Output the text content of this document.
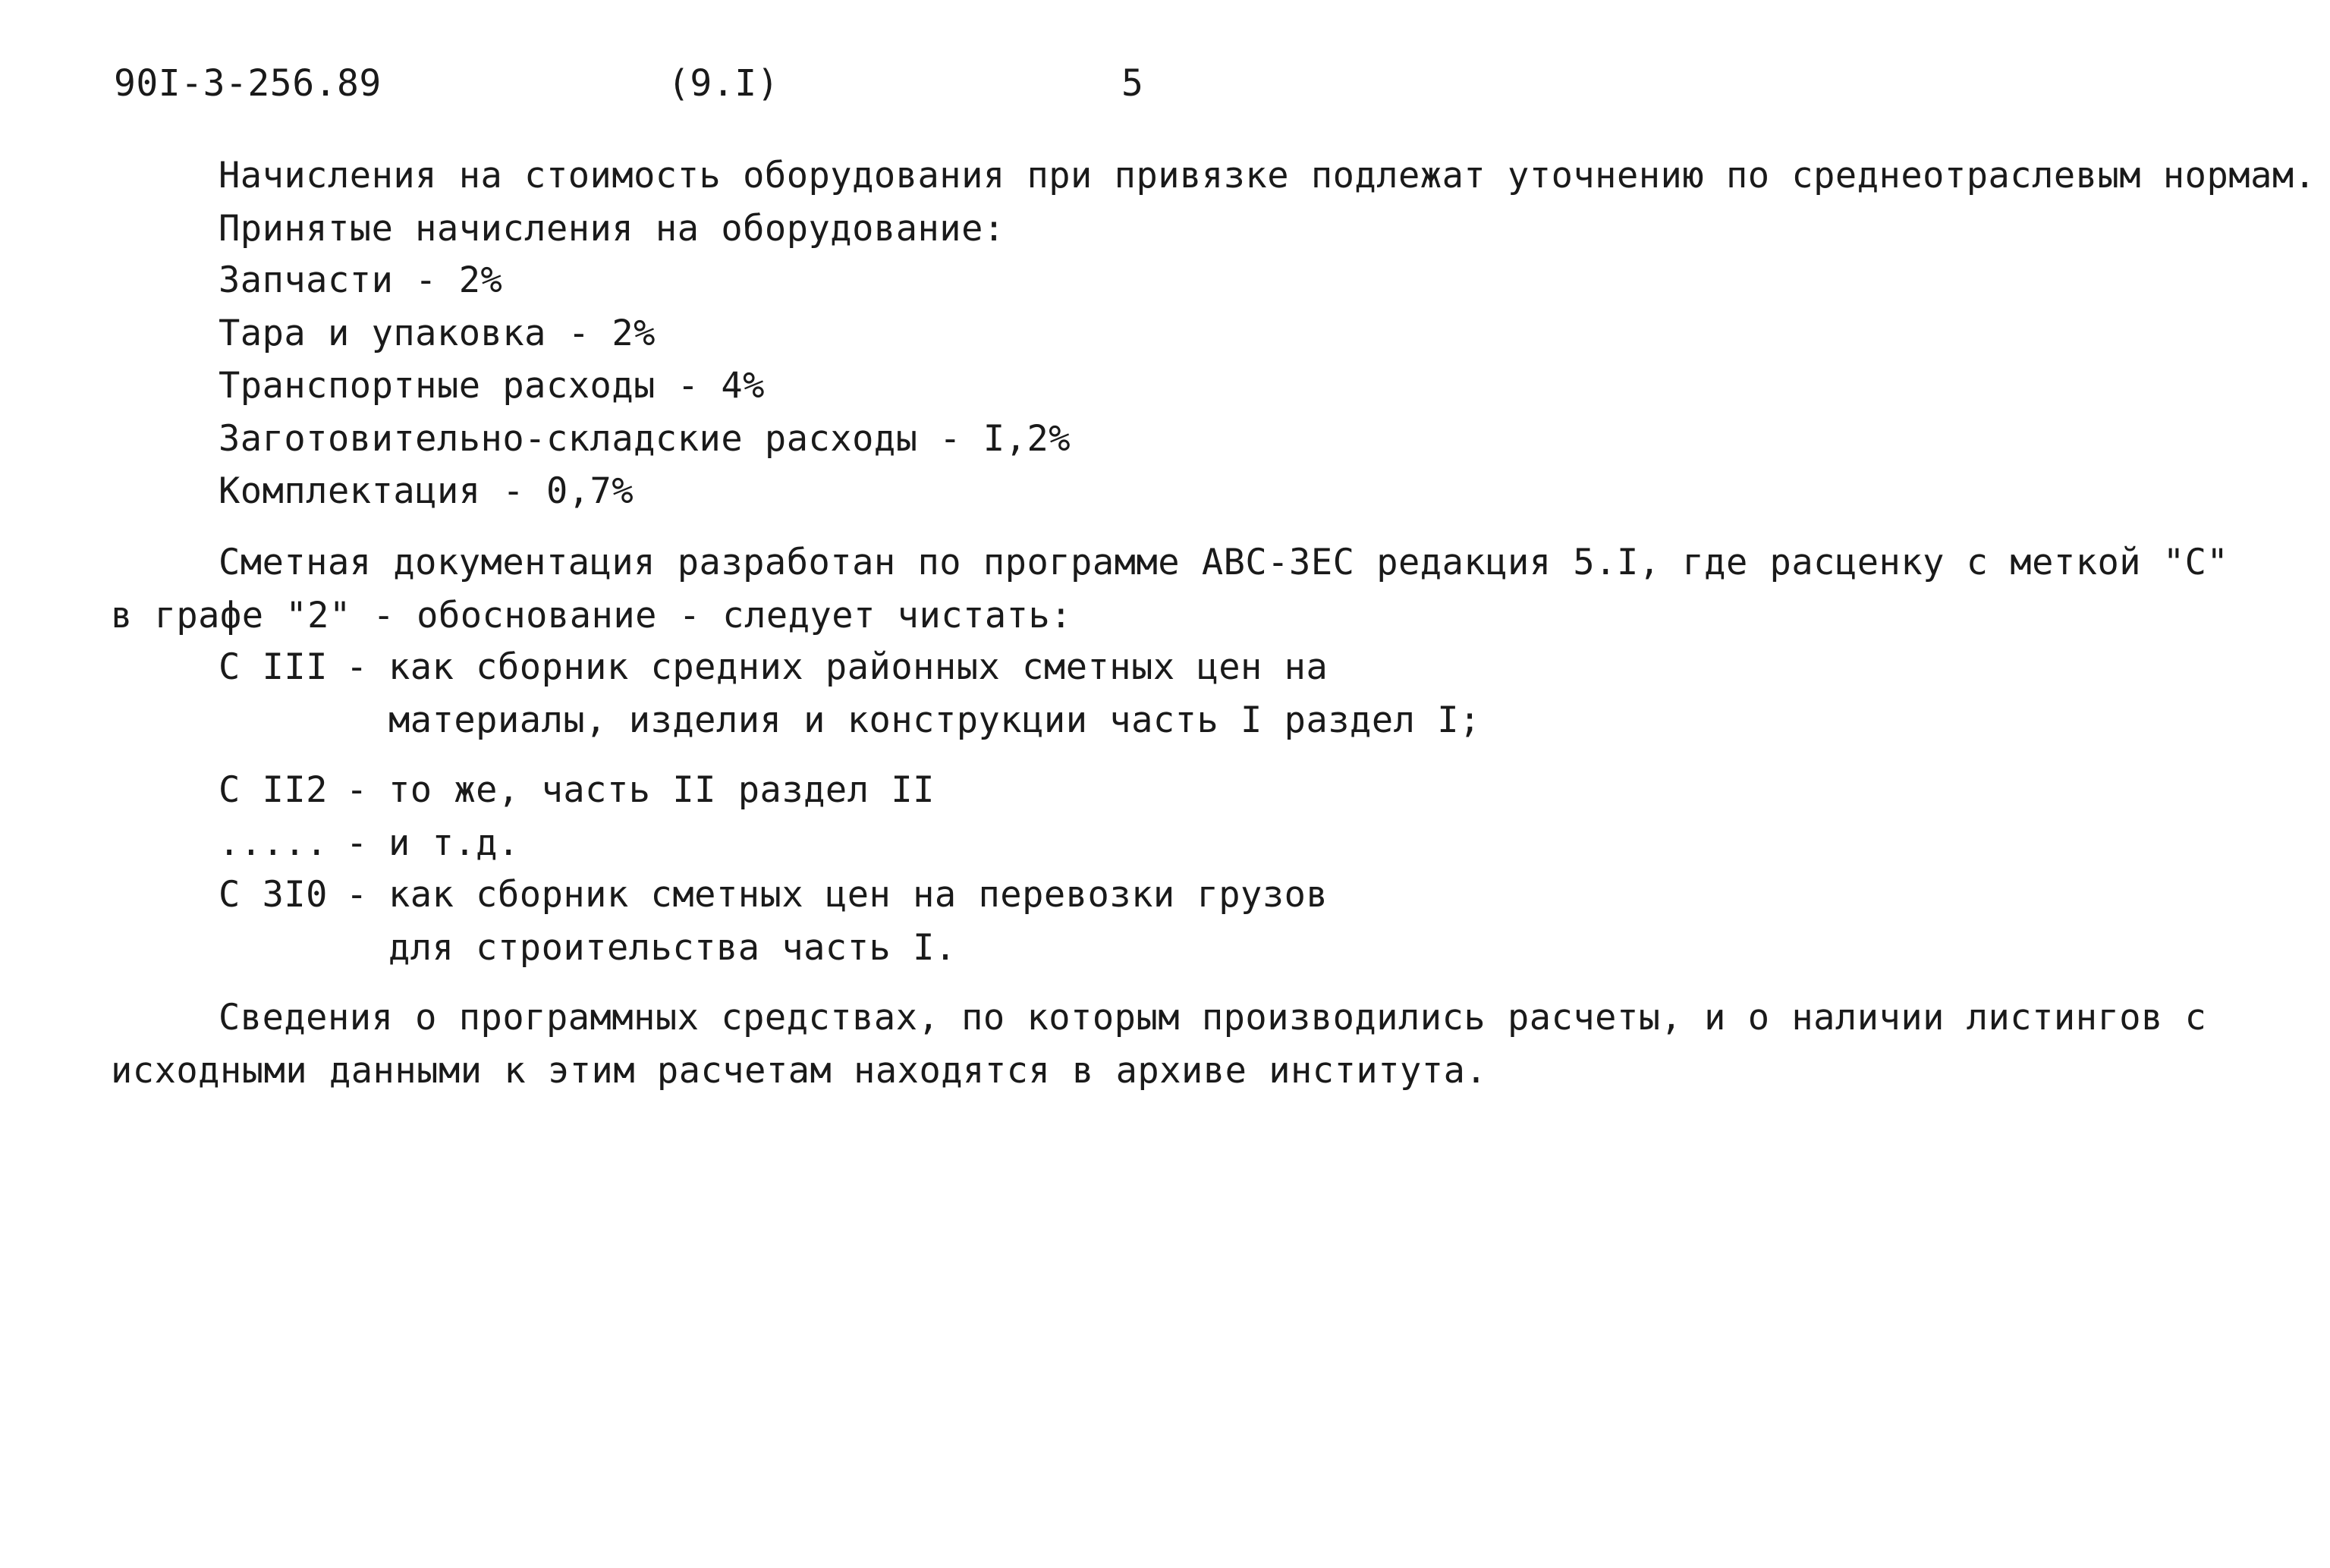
90I-3-256.89	(9.I)	5
Начисления на стоимость оборудования при привязке подлежат уточнению по среднеотраслевым нормам.
Принятые начисления на оборудование:
Запчасти - 2%
Тара и упаковка - 2%
Транспортные расходы - 4%
Заготовительно-складские расходы - I,2%
Комплектация - 0,7%
Сметная документация разработан по программе АВС-ЗЕС редакция 5.I, где расценку с меткой "С"
в графе "2" - обоснование - следует чистать:
С III - как сборник средних районных сметных цен на
материалы, изделия и конструкции часть I раздел I;
С II2 - то же, часть II раздел II
..... - и т.д.
С 3I0 - как сборник сметных цен на перевозки грузов
для строительства часть I.
Сведения о программных средствах, по которым производились расчеты, и о наличии листингов с
исходными данными к этим расчетам находятся в архиве института.
